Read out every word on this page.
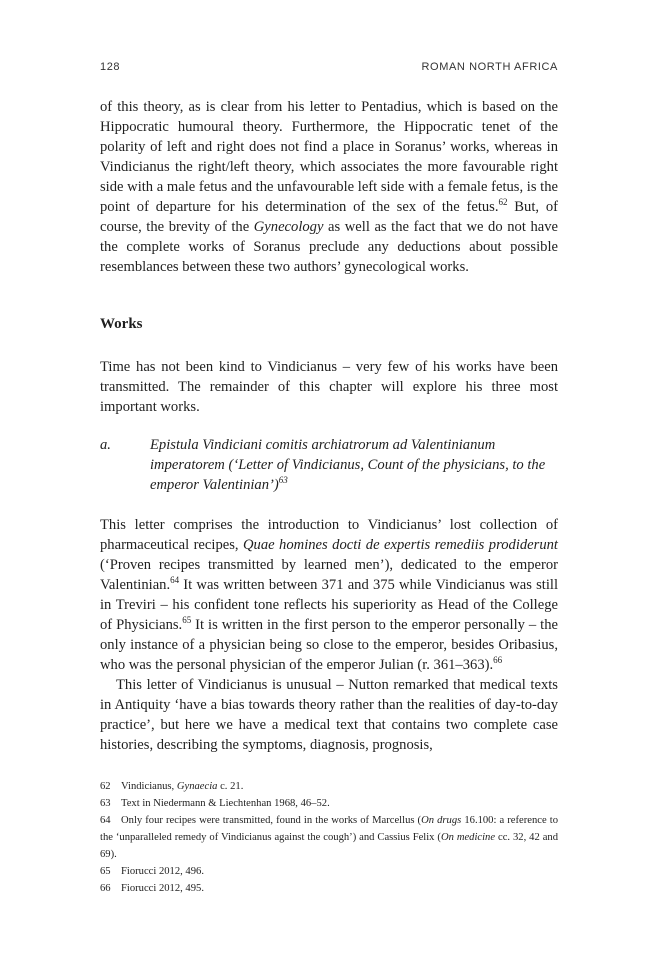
128	ROMAN NORTH AFRICA

of this theory, as is clear from his letter to Pentadius, which is based on the Hippocratic humoural theory. Furthermore, the Hippocratic tenet of the polarity of left and right does not find a place in Soranus’ works, whereas in Vindicianus the right/left theory, which associates the more favourable right side with a male fetus and the unfavourable left side with a female fetus, is the point of departure for his determination of the sex of the fetus.$^{62}$ But, of course, the brevity of the Gynecology as well as the fact that we do not have the complete works of Soranus preclude any deductions about possible resemblances between these two authors’ gynecological works.

Works

Time has not been kind to Vindicianus – very few of his works have been transmitted. The remainder of this chapter will explore his three most important works.

a.	Epistula Vindiciani comitis archiatrorum ad Valentinianum imperatorem (‘Letter of Vindicianus, Count of the physicians, to the emperor Valentinian’)$^{63}$

This letter comprises the introduction to Vindicianus’ lost collection of pharmaceutical recipes, Quae homines docti de expertis remediis prodiderunt (‘Proven recipes transmitted by learned men’), dedicated to the emperor Valentinian.$^{64}$ It was written between 371 and 375 while Vindicianus was still in Treviri – his confident tone reflects his superiority as Head of the College of Physicians.$^{65}$ It is written in the first person to the emperor personally – the only instance of a physician being so close to the emperor, besides Oribasius, who was the personal physician of the emperor Julian (r. 361–363).$^{66}$

This letter of Vindicianus is unusual – Nutton remarked that medical texts in Antiquity ‘have a bias towards theory rather than the realities of day-to-day practice’, but here we have a medical text that contains two complete case histories, describing the symptoms, diagnosis, prognosis,

62 Vindicianus, Gynaecia c. 21.

63 Text in Niedermann & Liechtenhan 1968, 46–52.

64 Only four recipes were transmitted, found in the works of Marcellus (On drugs 16.100: a reference to the ‘unparalleled remedy of Vindicianus against the cough’) and Cassius Felix (On medicine cc. 32, 42 and 69).

65 Fiorucci 2012, 496.

66 Fiorucci 2012, 495.
